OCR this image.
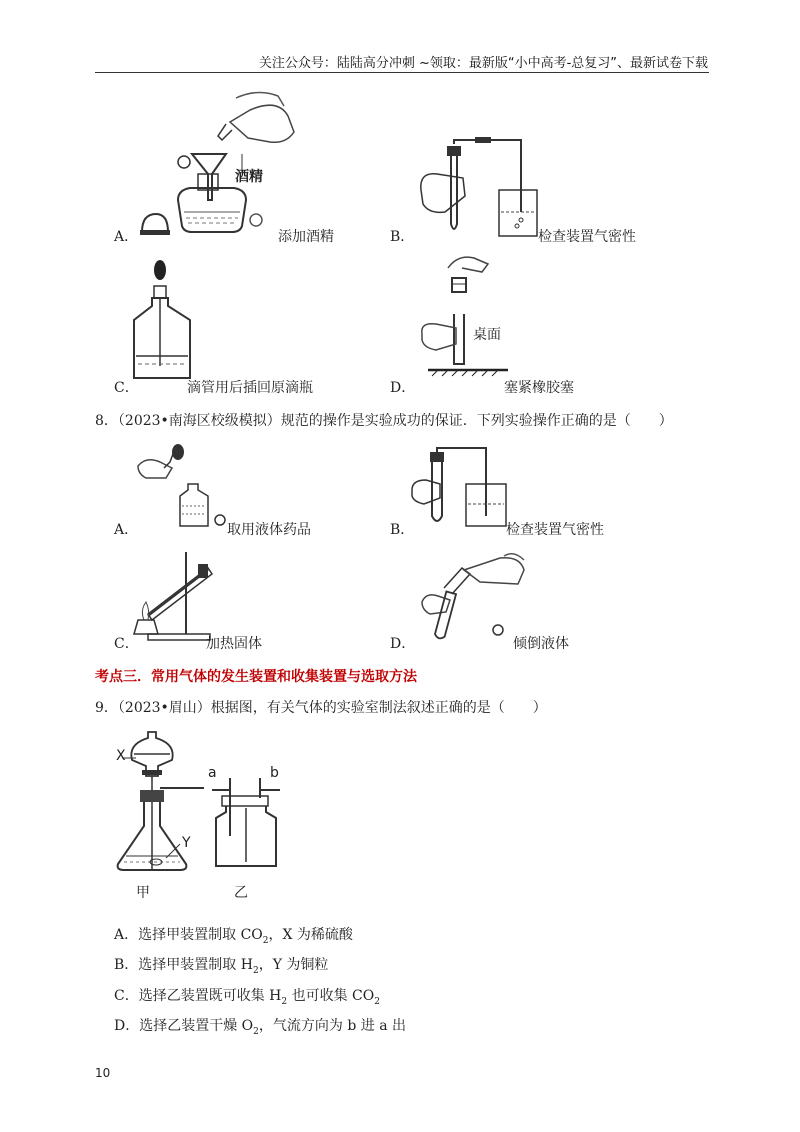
关注公众号：陆陆高分冲刺 ~领取：最新版“小中高考-总复习”、最新试卷下载
酒精
A．	添加酒精	B．	检查装置气密性
C．	滴管用后插回原滴瓶
桌面
D．	塞紧橡胶塞
8．（2023•南海区校级模拟）规范的操作是实验成功的保证．下列实验操作正确的是（　　）
A．	取用液体药品	B．	检查装置气密性
C．	加热固体	D．	倾倒液体
考点三．常用气体的发生装置和收集装置与选取方法
9．（2023•眉山）根据图，有关气体的实验室制法叙述正确的是（　　）
X
Y
甲
a	b
乙
A．选择甲装置制取 $CO_2$，X 为稀硫酸
B．选择甲装置制取 $H_2$，Y 为铜粒
C．选择乙装置既可收集 $H_2$ 也可收集 $CO_2$
D．选择乙装置干燥 $O_2$，气流方向为 b 进 a 出
10
